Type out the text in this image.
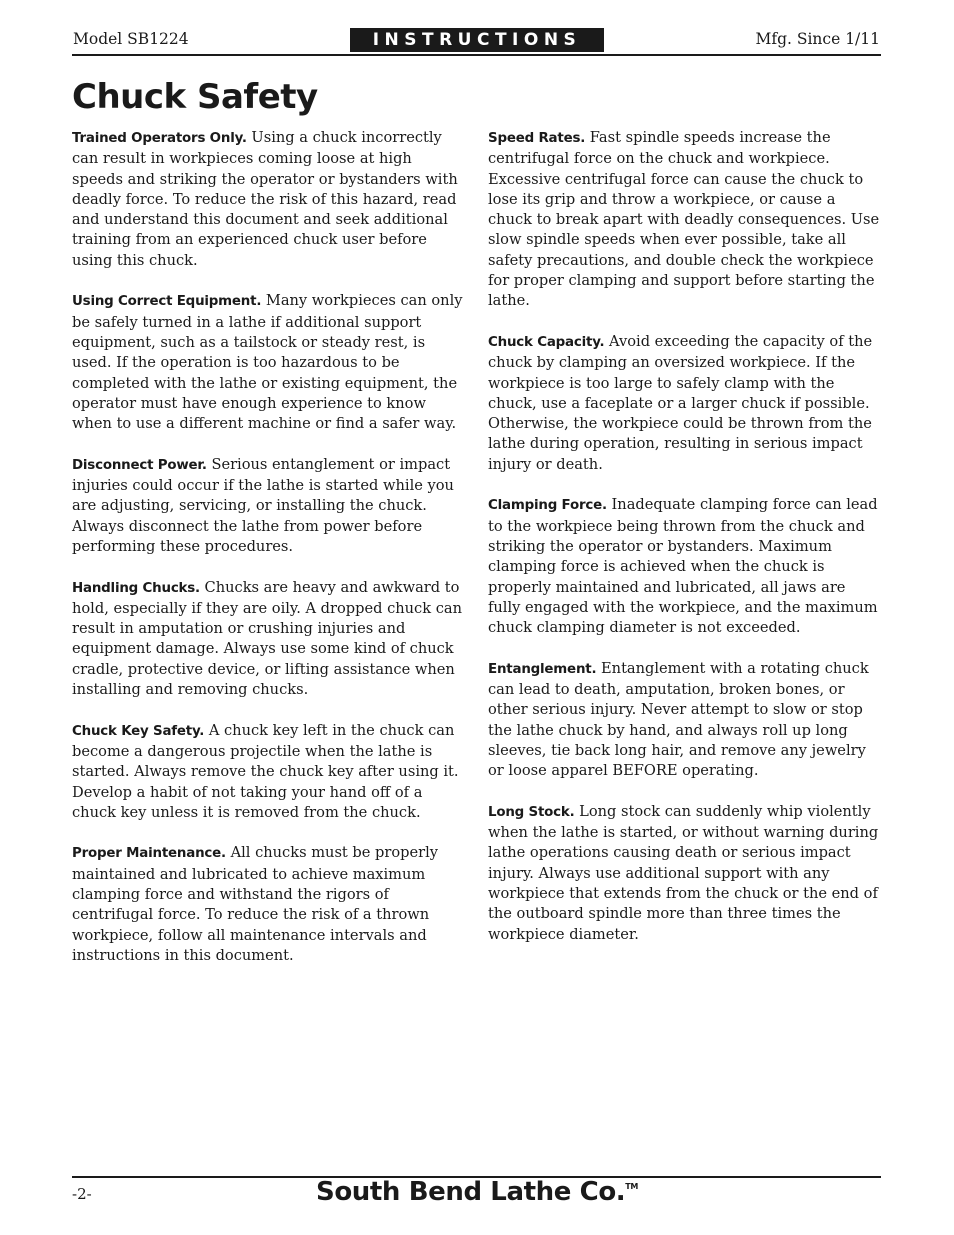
Model SB1224	INSTRUCTIONS	Mfg. Since 1/11
Chuck Safety

Trained Operators Only. Using a chuck incorrectly can result in workpieces coming loose at high speeds and striking the operator or bystanders with deadly force. To reduce the risk of this hazard, read and understand this document and seek additional training from an experienced chuck user before using this chuck.

Using Correct Equipment. Many workpieces can only be safely turned in a lathe if additional support equipment, such as a tailstock or steady rest, is used. If the operation is too hazardous to be completed with the lathe or existing equipment, the operator must have enough experience to know when to use a different machine or find a safer way.

Disconnect Power. Serious entanglement or impact injuries could occur if the lathe is started while you are adjusting, servicing, or installing the chuck. Always disconnect the lathe from power before performing these procedures.

Handling Chucks. Chucks are heavy and awkward to hold, especially if they are oily. A dropped chuck can result in amputation or crushing injuries and equipment damage. Always use some kind of chuck cradle, protective device, or lifting assistance when installing and removing chucks.

Chuck Key Safety. A chuck key left in the chuck can become a dangerous projectile when the lathe is started. Always remove the chuck key after using it. Develop a habit of not taking your hand off of a chuck key unless it is removed from the chuck.

Proper Maintenance. All chucks must be properly maintained and lubricated to achieve maximum clamping force and withstand the rigors of centrifugal force. To reduce the risk of a thrown workpiece, follow all maintenance intervals and instructions in this document.

Speed Rates. Fast spindle speeds increase the centrifugal force on the chuck and workpiece. Excessive centrifugal force can cause the chuck to lose its grip and throw a workpiece, or cause a chuck to break apart with deadly consequences. Use slow spindle speeds when ever possible, take all safety precautions, and double check the workpiece for proper clamping and support before starting the lathe.

Chuck Capacity. Avoid exceeding the capacity of the chuck by clamping an oversized workpiece. If the workpiece is too large to safely clamp with the chuck, use a faceplate or a larger chuck if possible. Otherwise, the workpiece could be thrown from the lathe during operation, resulting in serious impact injury or death.

Clamping Force. Inadequate clamping force can lead to the workpiece being thrown from the chuck and striking the operator or bystanders. Maximum clamping force is achieved when the chuck is properly maintained and lubricated, all jaws are fully engaged with the workpiece, and the maximum chuck clamping diameter is not exceeded.

Entanglement. Entanglement with a rotating chuck can lead to death, amputation, broken bones, or other serious injury. Never attempt to slow or stop the lathe chuck by hand, and always roll up long sleeves, tie back long hair, and remove any jewelry or loose apparel BEFORE operating.

Long Stock. Long stock can suddenly whip violently when the lathe is started, or without warning during lathe operations causing death or serious impact injury. Always use additional support with any workpiece that extends from the chuck or the end of the outboard spindle more than three times the workpiece diameter.

-2-	South Bend Lathe Co.™
